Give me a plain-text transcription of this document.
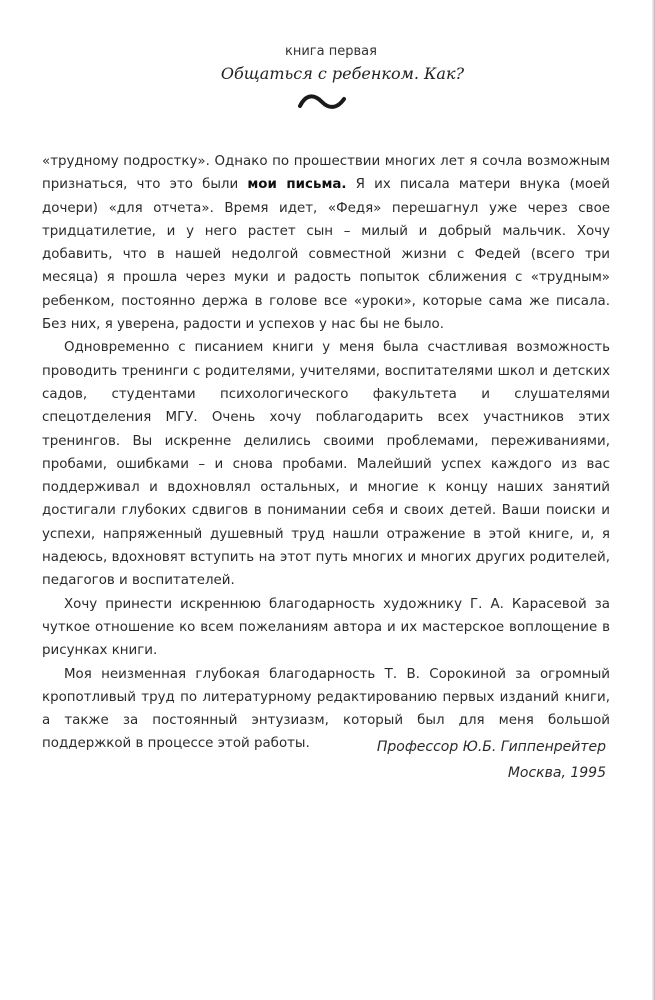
книга первая
Общаться с ребенком. Как?

«трудному подростку». Однако по прошествии многих лет я сочла возможным признаться, что это были мои письма. Я их писала матери внука (моей дочери) «для отчета». Время идет, «Федя» перешагнул уже через свое тридцатилетие, и у него растет сын – милый и добрый мальчик. Хочу добавить, что в нашей недолгой совместной жизни с Федей (всего три месяца) я прошла через муки и радость попыток сближения с «трудным» ребенком, постоянно держа в голове все «уроки», которые сама же писала. Без них, я уверена, радости и успехов у нас бы не было.

Одновременно с писанием книги у меня была счастливая возможность проводить тренинги с родителями, учителями, воспитателями школ и детских садов, студентами психологического факультета и слушателями спецотделения МГУ. Очень хочу поблагодарить всех участников этих тренингов. Вы искренне делились своими проблемами, переживаниями, пробами, ошибками – и снова пробами. Малейший успех каждого из вас поддерживал и вдохновлял остальных, и многие к концу наших занятий достигали глубоких сдвигов в понимании себя и своих детей. Ваши поиски и успехи, напряженный душевный труд нашли отражение в этой книге, и, я надеюсь, вдохновят вступить на этот путь многих и многих других родителей, педагогов и воспитателей.

Хочу принести искреннюю благодарность художнику Г. А. Карасевой за чуткое отношение ко всем пожеланиям автора и их мастерское воплощение в рисунках книги.

Моя неизменная глубокая благодарность Т. В. Сорокиной за огромный кропотливый труд по литературному редактированию первых изданий книги, а также за постоянный энтузиазм, который был для меня большой поддержкой в процессе этой работы.	Профессор Ю.Б. Гиппенрейтер
Москва, 1995
